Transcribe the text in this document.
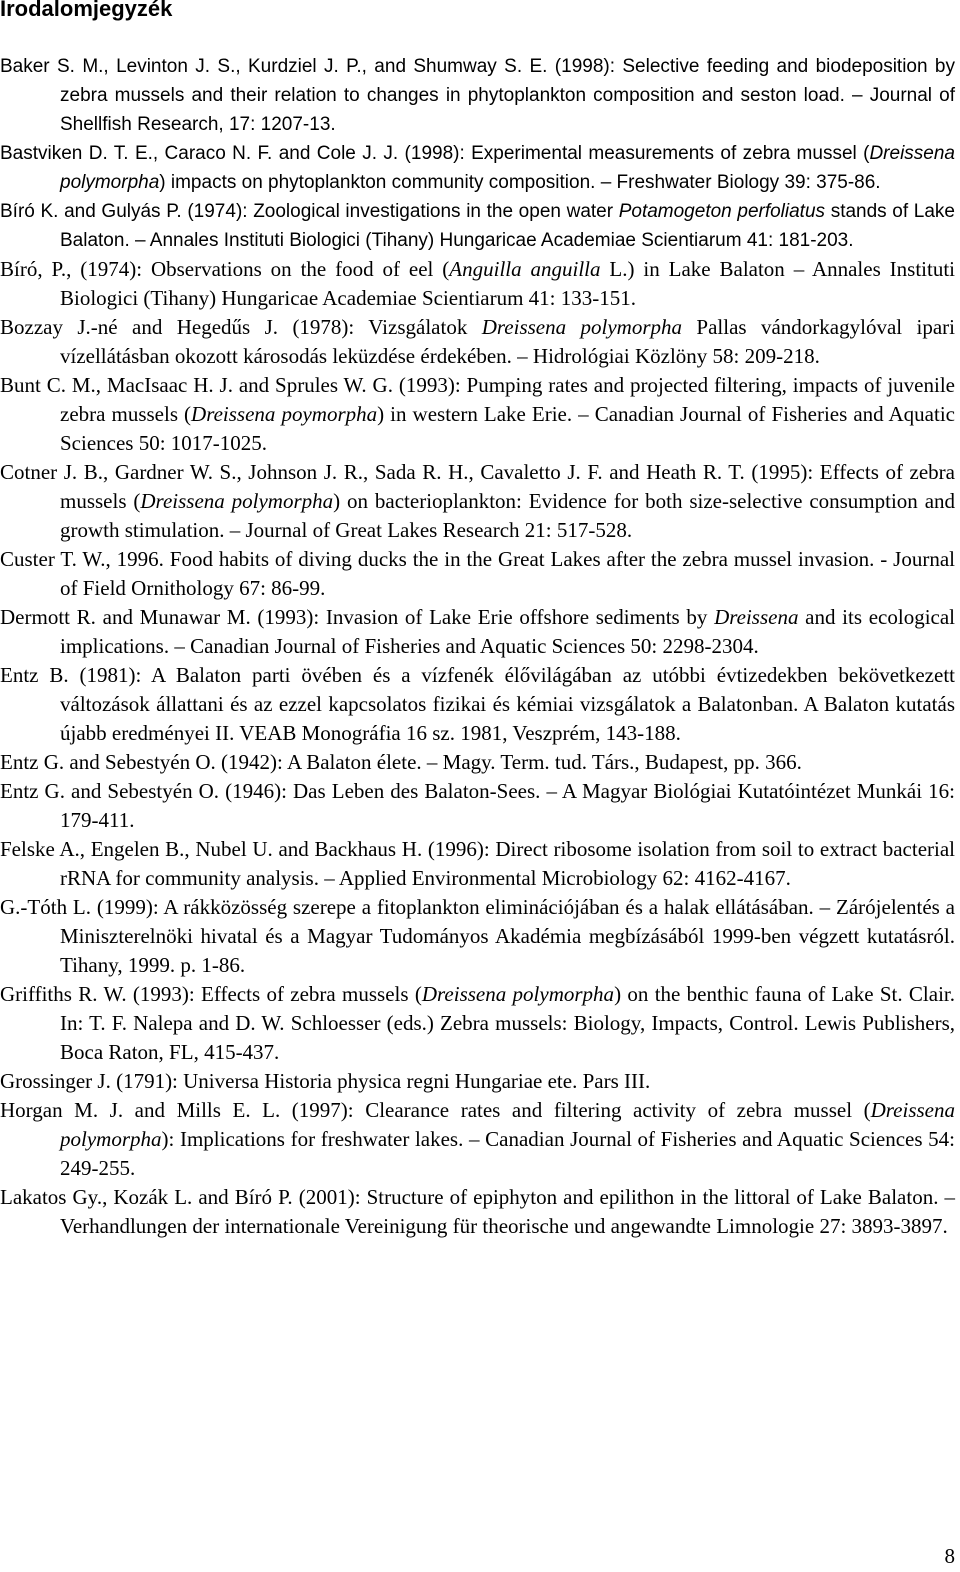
Irodalomjegyzék
Baker S. M., Levinton J. S., Kurdziel J. P., and Shumway S. E. (1998): Selective feeding and biodeposition by zebra mussels and their relation to changes in phytoplankton composition and seston load. – Journal of Shellfish Research, 17: 1207-13.
Bastviken D. T. E., Caraco N. F. and Cole J. J. (1998): Experimental measurements of zebra mussel (Dreissena polymorpha) impacts on phytoplankton community composition. – Freshwater Biology 39: 375-86.
Bíró K. and Gulyás P. (1974): Zoological investigations in the open water Potamogeton perfoliatus stands of Lake Balaton. – Annales Instituti Biologici (Tihany) Hungaricae Academiae Scientiarum 41: 181-203.
Bíró, P., (1974): Observations on the food of eel (Anguilla anguilla L.) in Lake Balaton – Annales Instituti Biologici (Tihany) Hungaricae Academiae Scientiarum 41: 133-151.
Bozzay J.-né and Hegedűs J. (1978): Vizsgálatok Dreissena polymorpha Pallas vándorkagylóval ipari vízellátásban okozott károsodás leküzdése érdekében. – Hidrológiai Közlöny 58: 209-218.
Bunt C. M., MacIsaac H. J. and Sprules W. G. (1993): Pumping rates and projected filtering, impacts of juvenile zebra mussels (Dreissena poymorpha) in western Lake Erie. – Canadian Journal of Fisheries and Aquatic Sciences 50: 1017-1025.
Cotner J. B., Gardner W. S., Johnson J. R., Sada R. H., Cavaletto J. F. and Heath R. T. (1995): Effects of zebra mussels (Dreissena polymorpha) on bacterioplankton: Evidence for both size-selective consumption and growth stimulation. – Journal of Great Lakes Research 21: 517-528.
Custer T. W., 1996. Food habits of diving ducks the in the Great Lakes after the zebra mussel invasion. - Journal of Field Ornithology 67: 86-99.
Dermott R. and Munawar M. (1993): Invasion of Lake Erie offshore sediments by Dreissena and its ecological implications. – Canadian Journal of Fisheries and Aquatic Sciences 50: 2298-2304.
Entz B. (1981): A Balaton parti övében és a vízfenék élővilágában az utóbbi évtizedekben bekövetkezett változások állattani és az ezzel kapcsolatos fizikai és kémiai vizsgálatok a Balatonban. A Balaton kutatás újabb eredményei II. VEAB Monográfia 16 sz. 1981, Veszprém, 143-188.
Entz G. and Sebestyén O. (1942): A Balaton élete. – Magy. Term. tud. Társ., Budapest, pp. 366.
Entz G. and Sebestyén O. (1946): Das Leben des Balaton-Sees. – A Magyar Biológiai Kutatóintézet Munkái 16: 179-411.
Felske A., Engelen B., Nubel U. and Backhaus H. (1996): Direct ribosome isolation from soil to extract bacterial rRNA for community analysis. – Applied Environmental Microbiology 62: 4162-4167.
G.-Tóth L. (1999): A rákközösség szerepe a fitoplankton eliminációjában és a halak ellátásában. – Zárójelentés a Miniszterelnöki hivatal és a Magyar Tudományos Akadémia megbízásából 1999-ben végzett kutatásról. Tihany, 1999. p. 1-86.
Griffiths R. W. (1993): Effects of zebra mussels (Dreissena polymorpha) on the benthic fauna of Lake St. Clair. In: T. F. Nalepa and D. W. Schloesser (eds.) Zebra mussels: Biology, Impacts, Control. Lewis Publishers, Boca Raton, FL, 415-437.
Grossinger J. (1791): Universa Historia physica regni Hungariae ete. Pars III.
Horgan M. J. and Mills E. L. (1997): Clearance rates and filtering activity of zebra mussel (Dreissena polymorpha): Implications for freshwater lakes. – Canadian Journal of Fisheries and Aquatic Sciences 54: 249-255.
Lakatos Gy., Kozák L. and Bíró P. (2001): Structure of epiphyton and epilithon in the littoral of Lake Balaton. – Verhandlungen der internationale Vereinigung für theorische und angewandte Limnologie 27: 3893-3897.
8
